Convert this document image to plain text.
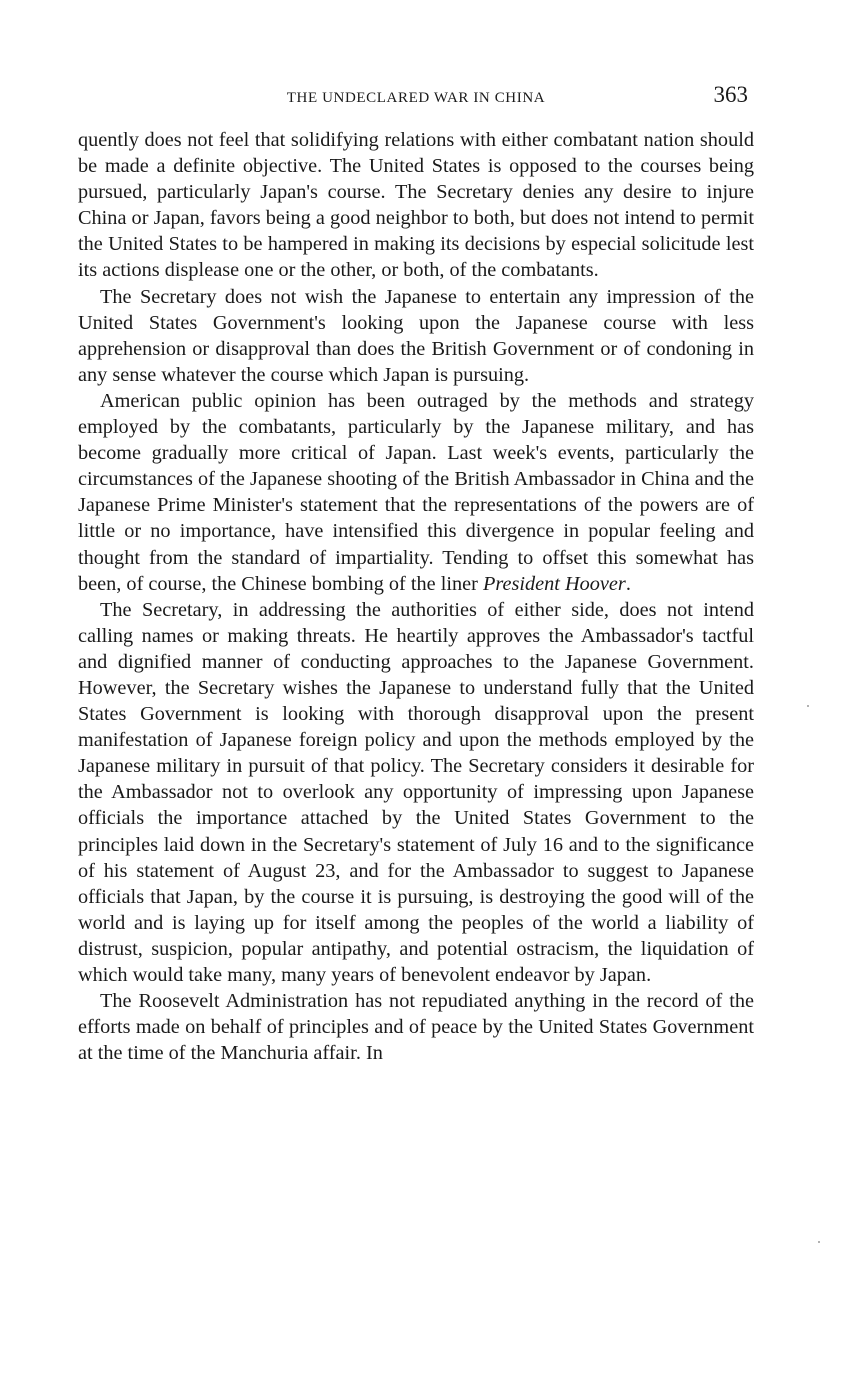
THE UNDECLARED WAR IN CHINA	363

quently does not feel that solidifying relations with either combatant nation should be made a definite objective. The United States is opposed to the courses being pursued, particularly Japan's course. The Secretary denies any desire to injure China or Japan, favors being a good neighbor to both, but does not intend to permit the United States to be hampered in making its decisions by especial solicitude lest its actions displease one or the other, or both, of the combatants.

The Secretary does not wish the Japanese to entertain any impression of the United States Government's looking upon the Japanese course with less apprehension or disapproval than does the British Government or of condoning in any sense whatever the course which Japan is pursuing.

American public opinion has been outraged by the methods and strategy employed by the combatants, particularly by the Japanese military, and has become gradually more critical of Japan. Last week's events, particularly the circumstances of the Japanese shooting of the British Ambassador in China and the Japanese Prime Minister's statement that the representations of the powers are of little or no importance, have intensified this divergence in popular feeling and thought from the standard of impartiality. Tending to offset this somewhat has been, of course, the Chinese bombing of the liner President Hoover.

The Secretary, in addressing the authorities of either side, does not intend calling names or making threats. He heartily approves the Ambassador's tactful and dignified manner of conducting approaches to the Japanese Government. However, the Secretary wishes the Japanese to understand fully that the United States Government is looking with thorough disapproval upon the present manifestation of Japanese foreign policy and upon the methods employed by the Japanese military in pursuit of that policy. The Secretary considers it desirable for the Ambassador not to overlook any opportunity of impressing upon Japanese officials the importance attached by the United States Government to the principles laid down in the Secretary's statement of July 16 and to the significance of his statement of August 23, and for the Ambassador to suggest to Japanese officials that Japan, by the course it is pursuing, is destroying the good will of the world and is laying up for itself among the peoples of the world a liability of distrust, suspicion, popular antipathy, and potential ostracism, the liquidation of which would take many, many years of benevolent endeavor by Japan.

The Roosevelt Administration has not repudiated anything in the record of the efforts made on behalf of principles and of peace by the United States Government at the time of the Manchuria affair. In
